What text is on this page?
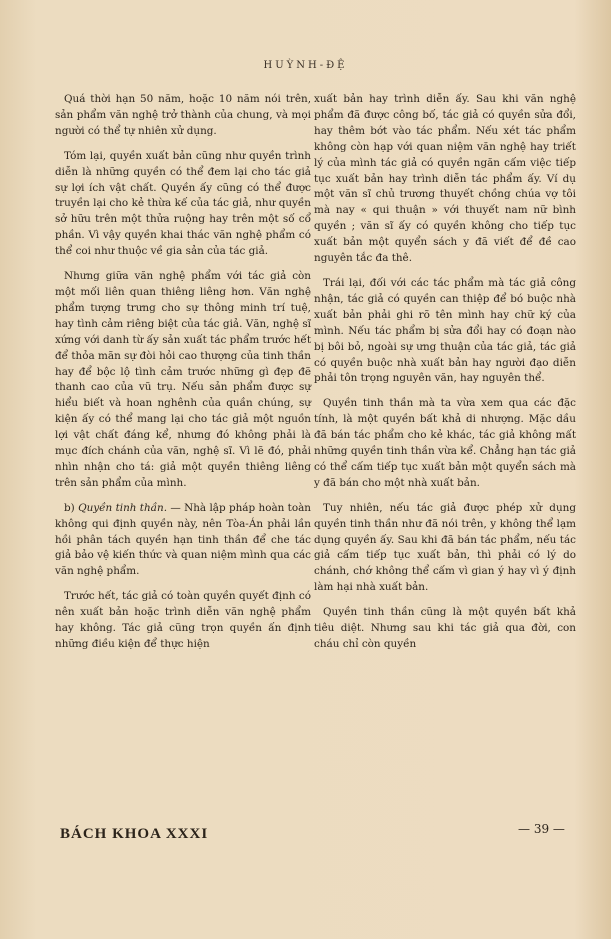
HUỲNH-ĐỆ

Quá thời hạn 50 năm, hoặc 10 năm nói trên, sản phẩm văn nghệ trở thành của chung, và mọi người có thể tự nhiên xử dụng.

Tóm lại, quyền xuất bản cũng như quyền trình diễn là những quyền có thể đem lại cho tác giả sự lợi ích vật chất. Quyền ấy cũng có thể được truyền lại cho kẻ thừa kế của tác giả, như quyền sở hữu trên một thửa ruộng hay trên một số cổ phần. Vì vậy quyền khai thác văn nghệ phẩm có thể coi như thuộc về gia sản của tác giả.

Nhưng giữa văn nghệ phẩm với tác giả còn một mối liên quan thiêng liêng hơn. Văn nghệ phẩm tượng trưng cho sự thông minh trí tuệ, hay tình cảm riêng biệt của tác giả. Văn, nghệ sĩ xứng với danh từ ấy sản xuất tác phẩm trước hết để thỏa mãn sự đòi hỏi cao thượng của tinh thần hay để bộc lộ tình cảm trước những gì đẹp đẽ thanh cao của vũ trụ. Nếu sản phẩm được sự hiểu biết và hoan nghênh của quần chúng, sự kiện ấy có thể mang lại cho tác giả một nguồn lợi vật chất đáng kể, nhưng đó không phải là mục đích chánh của văn, nghệ sĩ. Vì lẽ đó, phải nhìn nhận cho tá: giả một quyền thiêng liêng trên sản phẩm của mình.

b) Quyền tinh thần. — Nhà lập pháp hoàn toàn không qui định quyền này, nên Tòa-Án phải lần hồi phân tách quyền hạn tinh thần để che tác giả bảo vệ kiến thức và quan niệm mình qua các văn nghệ phẩm.

Trước hết, tác giả có toàn quyền quyết định có nên xuất bản hoặc trình diễn văn nghệ phẩm hay không. Tác giả cũng trọn quyền ấn định những điều kiện để thực hiện

xuất bản hay trình diễn ấy. Sau khi văn nghệ phẩm đã được công bố, tác giả có quyền sửa đổi, hay thêm bớt vào tác phẩm. Nếu xét tác phẩm không còn hạp với quan niệm văn nghệ hay triết lý của mình tác giả có quyền ngăn cấm việc tiếp tục xuất bản hay trình diễn tác phẩm ấy. Ví dụ một văn sĩ chủ trương thuyết chồng chúa vợ tôi mà nay « qui thuận » với thuyết nam nữ bình quyền ; văn sĩ ấy có quyền không cho tiếp tục xuất bản một quyển sách y đã viết để đề cao nguyên tắc đa thê.

Trái lại, đối với các tác phẩm mà tác giả công nhận, tác giả có quyền can thiệp để bó buộc nhà xuất bản phải ghi rõ tên mình hay chữ ký của mình. Nếu tác phẩm bị sửa đổi hay có đoạn nào bị bôi bỏ, ngoài sự ưng thuận của tác giả, tác giả có quyền buộc nhà xuất bản hay người đạo diễn phải tôn trọng nguyên văn, hay nguyên thể.

Quyền tinh thần mà ta vừa xem qua các đặc tính, là một quyền bất khả di nhượng. Mặc dầu đã bán tác phẩm cho kẻ khác, tác giả không mất những quyền tinh thần vừa kể. Chẳng hạn tác giả có thể cấm tiếp tục xuất bản một quyển sách mà y đã bán cho một nhà xuất bản.

Tuy nhiên, nếu tác giả được phép xử dụng quyền tinh thần như đã nói trên, y không thể lạm dụng quyền ấy. Sau khi đã bán tác phẩm, nếu tác giả cấm tiếp tục xuất bản, thì phải có lý do chánh, chớ không thể cấm vì gian ý hay vì ý định làm hại nhà xuất bản.

Quyền tinh thần cũng là một quyền bất khả tiêu diệt. Nhưng sau khi tác giả qua đời, con cháu chỉ còn quyền

BÁCH KHOA XXXI	— 39 —
